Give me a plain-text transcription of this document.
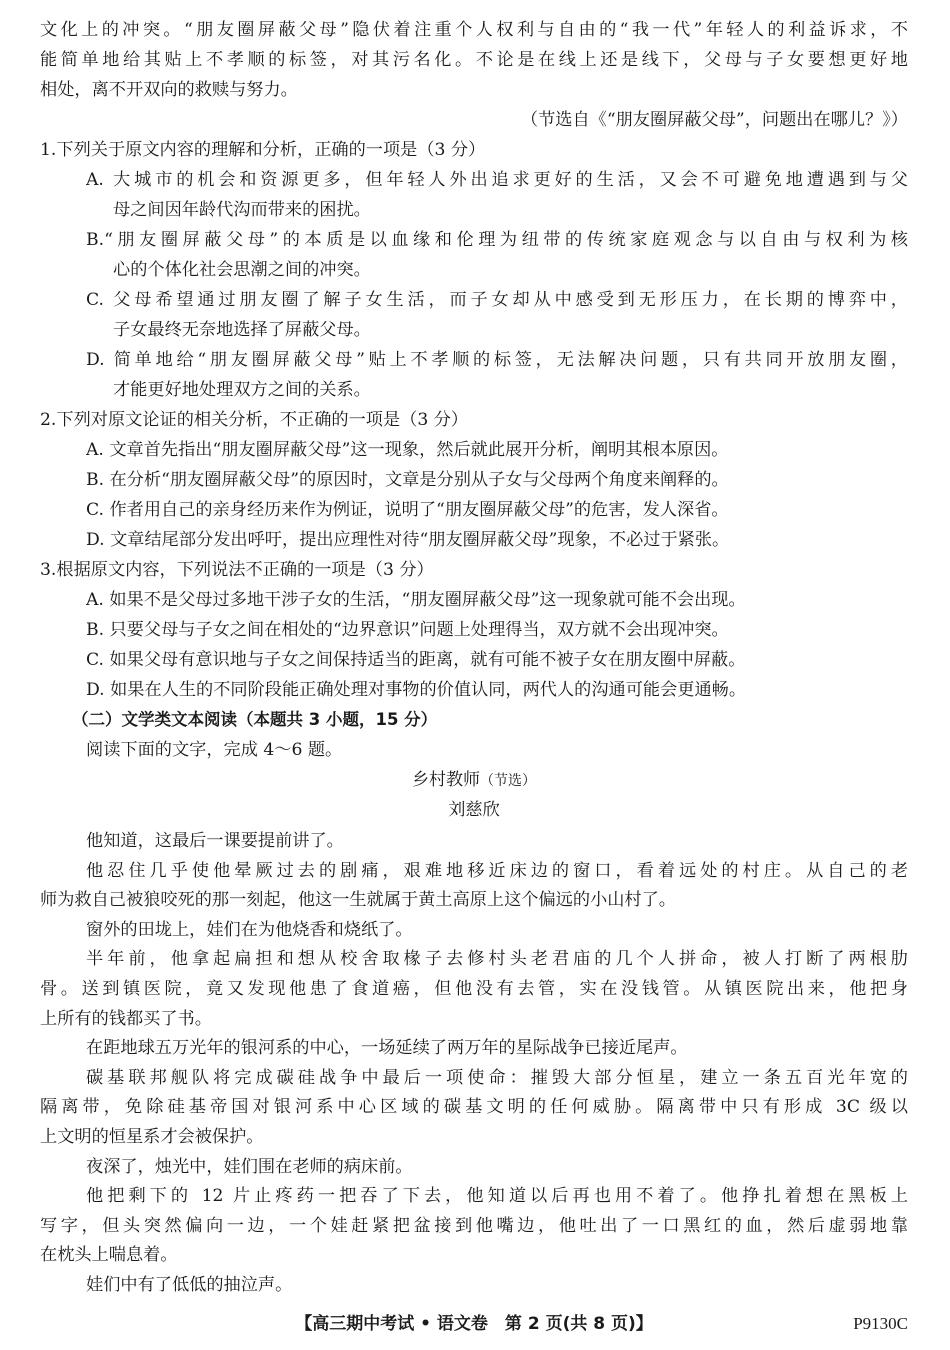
文化上的冲突。“朋友圈屏蔽父母”隐伏着注重个人权利与自由的“我一代”年轻人的利益诉求，不
能简单地给其贴上不孝顺的标签，对其污名化。不论是在线上还是线下，父母与子女要想更好地
相处，离不开双向的救赎与努力。
（节选自《“朋友圈屏蔽父母”，问题出在哪儿？》）
1.下列关于原文内容的理解和分析，正确的一项是（3 分）
A. 大城市的机会和资源更多，但年轻人外出追求更好的生活，又会不可避免地遭遇到与父
母之间因年龄代沟而带来的困扰。
B.“朋友圈屏蔽父母”的本质是以血缘和伦理为纽带的传统家庭观念与以自由与权利为核
心的个体化社会思潮之间的冲突。
C. 父母希望通过朋友圈了解子女生活，而子女却从中感受到无形压力，在长期的博弈中，
子女最终无奈地选择了屏蔽父母。
D. 简单地给“朋友圈屏蔽父母”贴上不孝顺的标签，无法解决问题，只有共同开放朋友圈，
才能更好地处理双方之间的关系。
2.下列对原文论证的相关分析，不正确的一项是（3 分）
A. 文章首先指出“朋友圈屏蔽父母”这一现象，然后就此展开分析，阐明其根本原因。
B. 在分析“朋友圈屏蔽父母”的原因时，文章是分别从子女与父母两个角度来阐释的。
C. 作者用自己的亲身经历来作为例证，说明了“朋友圈屏蔽父母”的危害，发人深省。
D. 文章结尾部分发出呼吁，提出应理性对待“朋友圈屏蔽父母”现象，不必过于紧张。
3.根据原文内容，下列说法不正确的一项是（3 分）
A. 如果不是父母过多地干涉子女的生活，“朋友圈屏蔽父母”这一现象就可能不会出现。
B. 只要父母与子女之间在相处的“边界意识”问题上处理得当，双方就不会出现冲突。
C. 如果父母有意识地与子女之间保持适当的距离，就有可能不被子女在朋友圈中屏蔽。
D. 如果在人生的不同阶段能正确处理对事物的价值认同，两代人的沟通可能会更通畅。
（二）文学类文本阅读（本题共 3 小题，15 分）
阅读下面的文字，完成 4～6 题。
乡村教师（节选）
刘慈欣
他知道，这最后一课要提前讲了。
他忍住几乎使他晕厥过去的剧痛，艰难地移近床边的窗口，看着远处的村庄。从自己的老
师为救自己被狼咬死的那一刻起，他这一生就属于黄土高原上这个偏远的小山村了。
窗外的田垅上，娃们在为他烧香和烧纸了。
半年前，他拿起扁担和想从校舍取椽子去修村头老君庙的几个人拼命，被人打断了两根肋
骨。送到镇医院，竟又发现他患了食道癌，但他没有去管，实在没钱管。从镇医院出来，他把身
上所有的钱都买了书。
在距地球五万光年的银河系的中心，一场延续了两万年的星际战争已接近尾声。
碳基联邦舰队将完成碳硅战争中最后一项使命：摧毁大部分恒星，建立一条五百光年宽的
隔离带，免除硅基帝国对银河系中心区域的碳基文明的任何威胁。隔离带中只有形成 3C 级以
上文明的恒星系才会被保护。
夜深了，烛光中，娃们围在老师的病床前。
他把剩下的 12 片止疼药一把吞了下去，他知道以后再也用不着了。他挣扎着想在黑板上
写字，但头突然偏向一边，一个娃赶紧把盆接到他嘴边，他吐出了一口黑红的血，然后虚弱地靠
在枕头上喘息着。
娃们中有了低低的抽泣声。
【高三期中考试 • 语文卷　第 2 页(共 8 页)】	P9130C
